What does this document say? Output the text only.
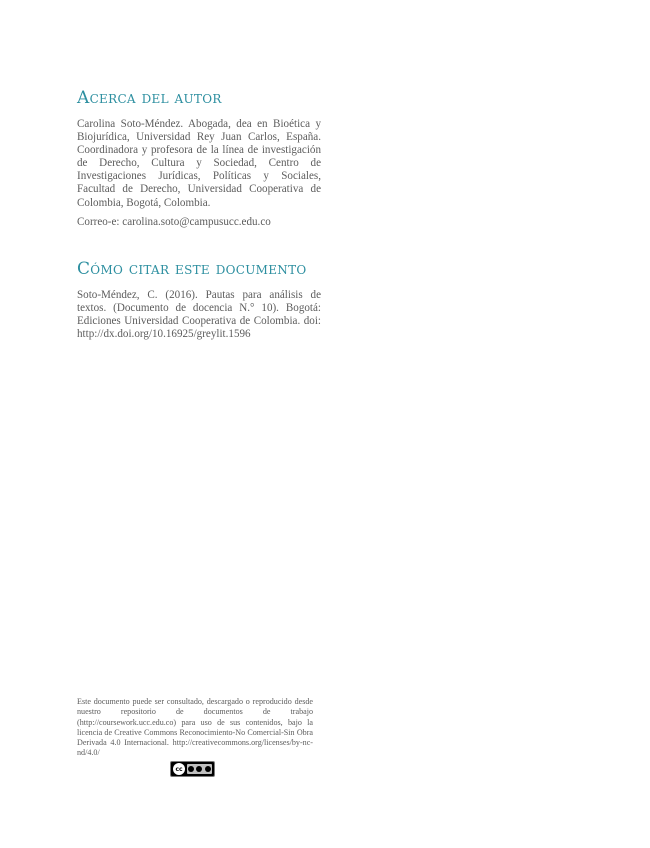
Acerca del autor

Carolina Soto-Méndez. Abogada, dea en Bioética y Biojurídica, Universidad Rey Juan Carlos, España. Coordinadora y profesora de la línea de investigación de Derecho, Cultura y Sociedad, Centro de Investigaciones Jurídicas, Políticas y Sociales, Facultad de Derecho, Universidad Cooperativa de Colombia, Bogotá, Colombia.

Correo-e: carolina.soto@campusucc.edu.co

Cómo citar este documento

Soto-Méndez, C. (2016). Pautas para análisis de textos. (Documento de docencia N.° 10). Bogotá: Ediciones Universidad Cooperativa de Colombia. doi: http://dx.doi.org/10.16925/greylit.1596

Este documento puede ser consultado, descargado o reproducido desde nuestro repositorio de documentos de trabajo (http://coursework.ucc.edu.co) para uso de sus contenidos, bajo la licencia de Creative Commons Reconocimiento-No Comercial-Sin Obra Derivada 4.0 Internacional. http://creativecommons.org/licenses/by-nc-nd/4.0/

cc
